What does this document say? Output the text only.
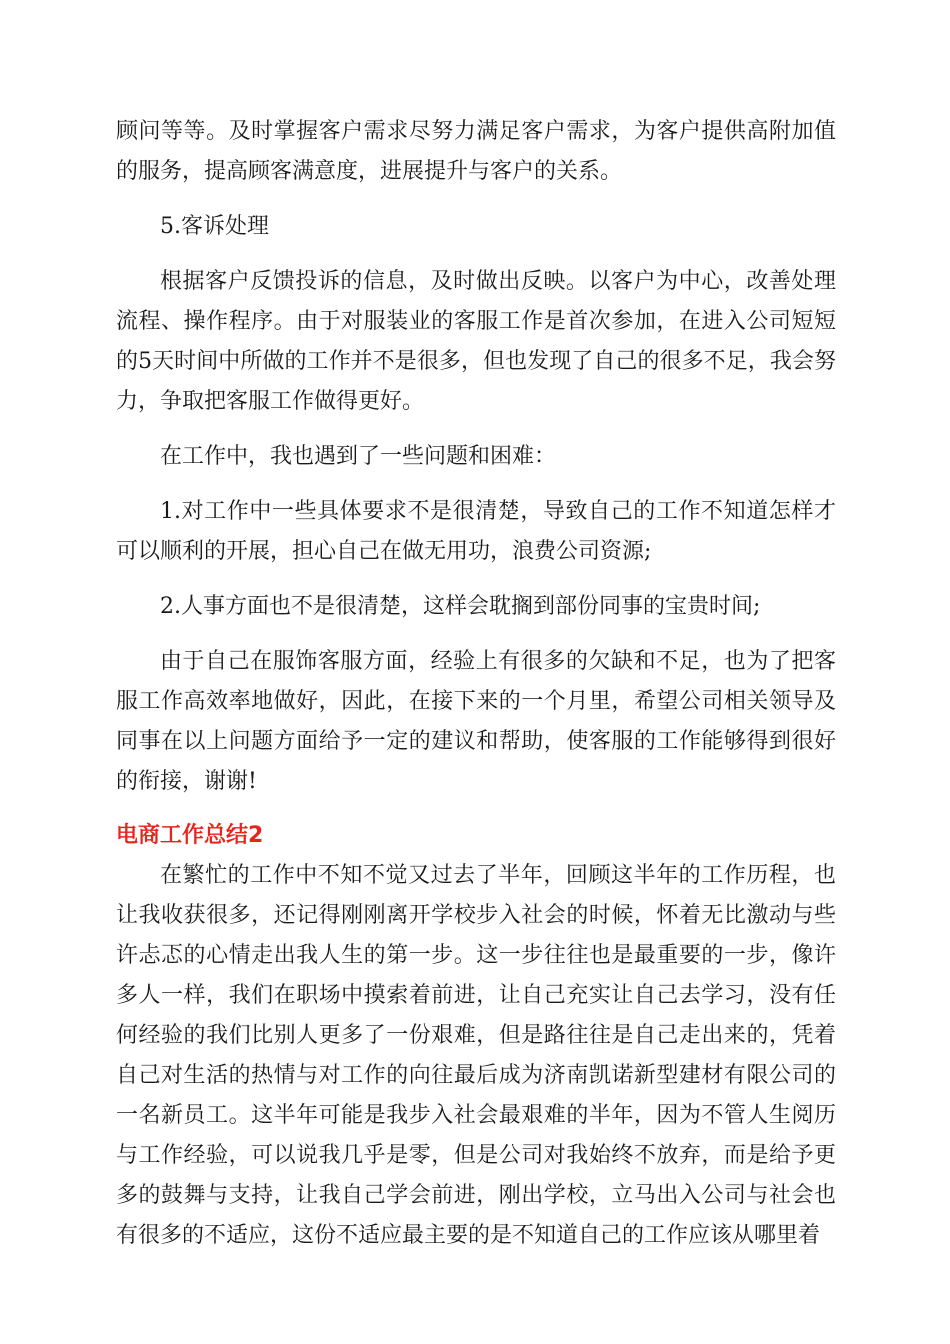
顾问等等。及时掌握客户需求尽努力满足客户需求，为客户提供高附加值的服务，提高顾客满意度，进展提升与客户的关系。

5.客诉处理

根据客户反馈投诉的信息，及时做出反映。以客户为中心，改善处理流程、操作程序。由于对服装业的客服工作是首次参加，在进入公司短短的5天时间中所做的工作并不是很多，但也发现了自己的很多不足，我会努力，争取把客服工作做得更好。

在工作中，我也遇到了一些问题和困难：

1.对工作中一些具体要求不是很清楚，导致自己的工作不知道怎样才可以顺利的开展，担心自己在做无用功，浪费公司资源;

2.人事方面也不是很清楚，这样会耽搁到部份同事的宝贵时间;

由于自己在服饰客服方面，经验上有很多的欠缺和不足，也为了把客服工作高效率地做好，因此，在接下来的一个月里，希望公司相关领导及同事在以上问题方面给予一定的建议和帮助，使客服的工作能够得到很好的衔接，谢谢!

电商工作总结2

在繁忙的工作中不知不觉又过去了半年，回顾这半年的工作历程，也让我收获很多，还记得刚刚离开学校步入社会的时候，怀着无比激动与些许忐忑的心情走出我人生的第一步。这一步往往也是最重要的一步，像许多人一样，我们在职场中摸索着前进，让自己充实让自己去学习，没有任何经验的我们比别人更多了一份艰难，但是路往往是自己走出来的，凭着自己对生活的热情与对工作的向往最后成为济南凯诺新型建材有限公司的一名新员工。这半年可能是我步入社会最艰难的半年，因为不管人生阅历与工作经验，可以说我几乎是零，但是公司对我始终不放弃，而是给予更多的鼓舞与支持，让我自己学会前进，刚出学校，立马出入公司与社会也有很多的不适应，这份不适应最主要的是不知道自己的工作应该从哪里着
